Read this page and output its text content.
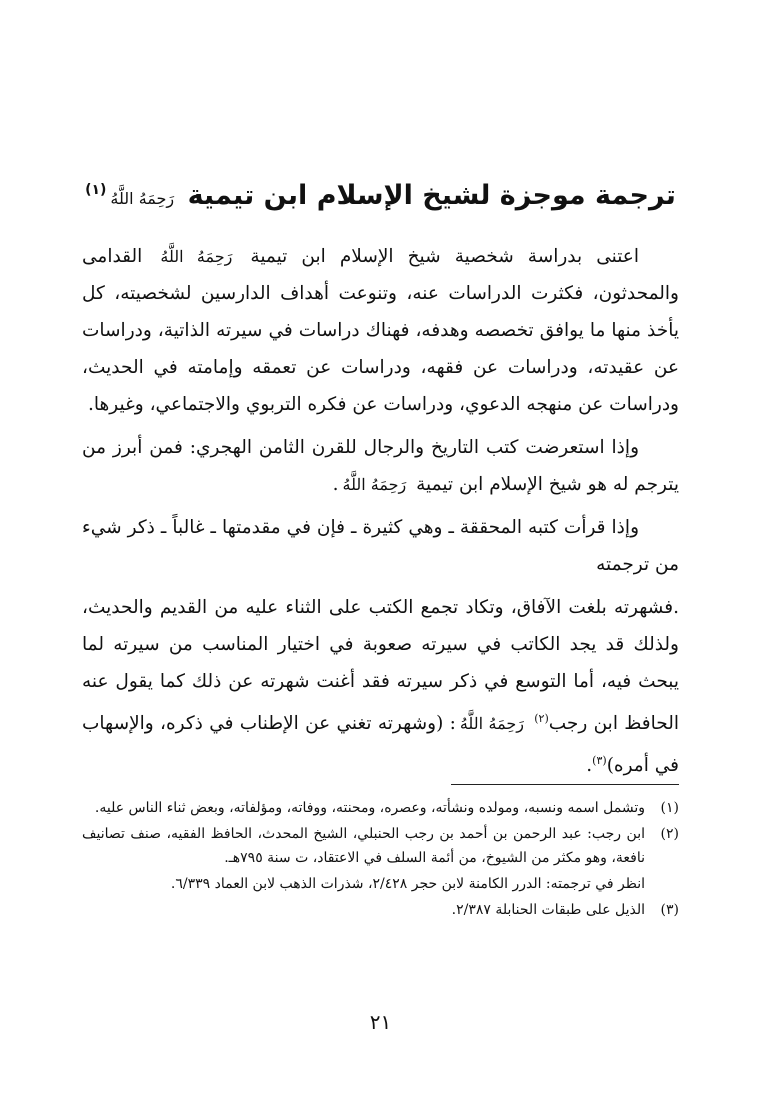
ترجمة موجزة لشيخ الإسلام ابن تيمية رَحِمَهُ اللَّهُ$^{(١)}$

اعتنى بدراسة شخصية شيخ الإسلام ابن تيمية رَحِمَهُ اللَّهُ القدامى والمحدثون، فكثرت الدراسات عنه، وتنوعت أهداف الدارسين لشخصيته، كل يأخذ منها ما يوافق تخصصه وهدفه، فهناك دراسات في سيرته الذاتية، ودراسات عن عقيدته، ودراسات عن فقهه، ودراسات عن تعمقه وإمامته في الحديث، ودراسات عن منهجه الدعوي، ودراسات عن فكره التربوي والاجتماعي، وغيرها.

وإذا استعرضت كتب التاريخ والرجال للقرن الثامن الهجري: فمن أبرز من يترجم له هو شيخ الإسلام ابن تيمية رَحِمَهُ اللَّهُ.

وإذا قرأت كتبه المحققة ـ وهي كثيرة ـ فإن في مقدمتها ـ غالباً ـ ذكر شيء من ترجمته

.فشهرته بلغت الآفاق، وتكاد تجمع الكتب على الثناء عليه من القديم والحديث، ولذلك قد يجد الكاتب في سيرته صعوبة في اختيار المناسب من سيرته لما يبحث فيه، أما التوسع في ذكر سيرته فقد أغنت شهرته عن ذلك كما يقول عنه الحافظ ابن رجب$^{(٢)}$ رَحِمَهُ اللَّهُ: (وشهرته تغني عن الإطناب في ذكره، والإسهاب في أمره)$^{(٣)}$.

(١)
وتشمل اسمه ونسبه، ومولده ونشأته، وعصره، ومحنته، ووفاته، ومؤلفاته، وبعض ثناء الناس عليه.
(٢)
ابن رجب: عبد الرحمن بن أحمد بن رجب الحنبلي، الشيخ المحدث، الحافظ الفقيه، صنف تصانيف نافعة، وهو مكثر من الشيوخ، من أئمة السلف في الاعتقاد، ت سنة ٧٩٥هـ.
انظر في ترجمته: الدرر الكامنة لابن حجر ٢/٤٢٨، شذرات الذهب لابن العماد ٦/٣٣٩.
(٣)
الذيل على طبقات الحنابلة ٢/٣٨٧.
٢١
